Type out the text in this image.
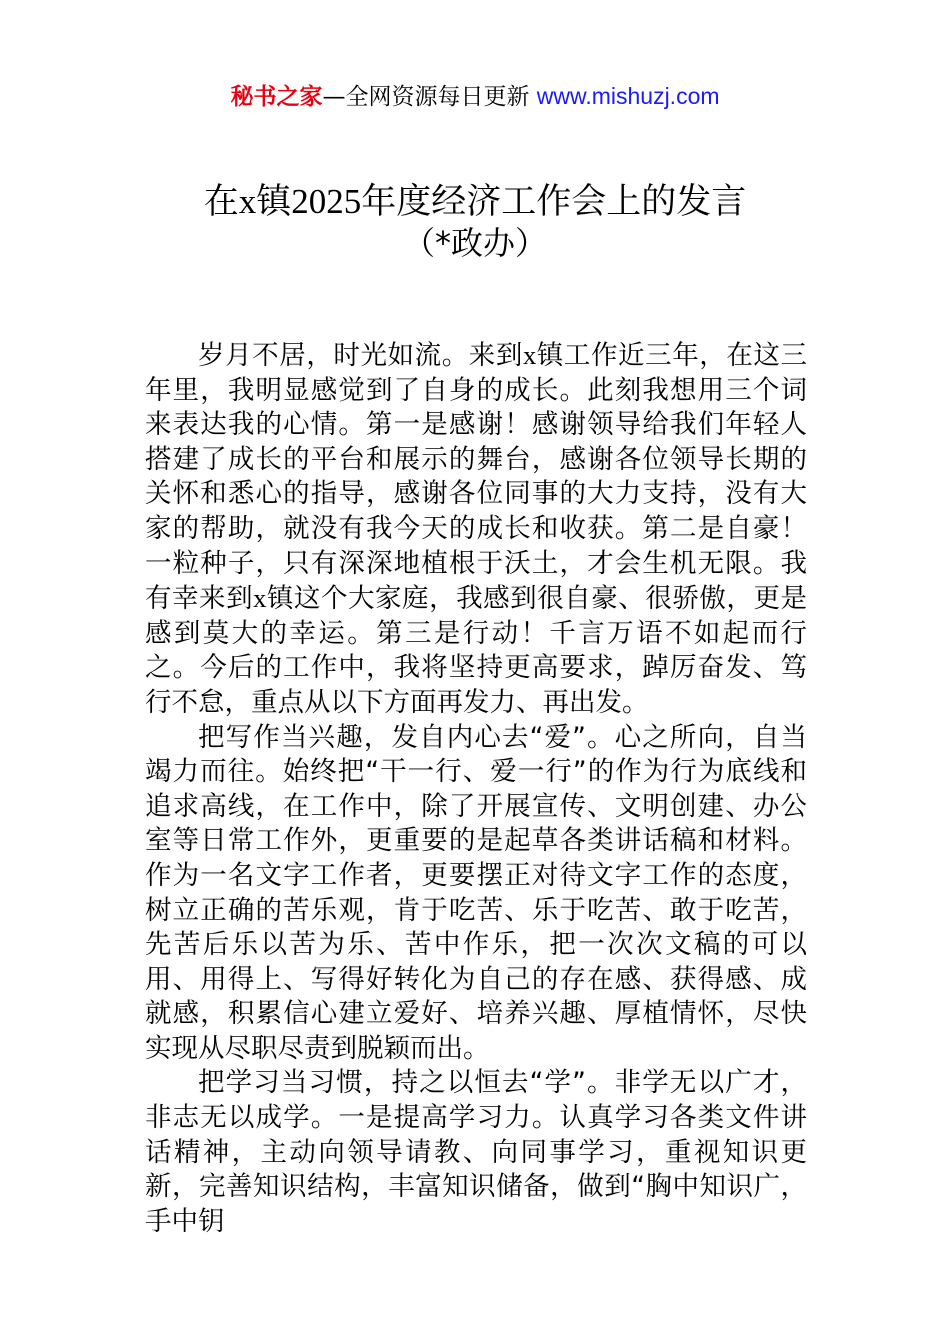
秘书之家—全网资源每日更新 www.mishuzj.com
在x镇2025年度经济工作会上的发言
（*政办）

岁月不居，时光如流。来到x镇工作近三年，在这三年里，我明显感觉到了自身的成长。此刻我想用三个词来表达我的心情。第一是感谢！感谢领导给我们年轻人搭建了成长的平台和展示的舞台，感谢各位领导长期的关怀和悉心的指导，感谢各位同事的大力支持，没有大家的帮助，就没有我今天的成长和收获。第二是自豪！一粒种子，只有深深地植根于沃土，才会生机无限。我有幸来到x镇这个大家庭，我感到很自豪、很骄傲，更是感到莫大的幸运。第三是行动！千言万语不如起而行之。今后的工作中，我将坚持更高要求，踔厉奋发、笃行不怠，重点从以下方面再发力、再出发。

把写作当兴趣，发自内心去“爱”。心之所向，自当竭力而往。始终把“干一行、爱一行”的作为行为底线和追求高线，在工作中，除了开展宣传、文明创建、办公室等日常工作外，更重要的是起草各类讲话稿和材料。作为一名文字工作者，更要摆正对待文字工作的态度，树立正确的苦乐观，肯于吃苦、乐于吃苦、敢于吃苦，先苦后乐以苦为乐、苦中作乐，把一次次文稿的可以用、用得上、写得好转化为自己的存在感、获得感、成就感，积累信心建立爱好、培养兴趣、厚植情怀，尽快实现从尽职尽责到脱颖而出。

把学习当习惯，持之以恒去“学”。非学无以广才，非志无以成学。一是提高学习力。认真学习各类文件讲话精神，主动向领导请教、向同事学习，重视知识更新，完善知识结构，丰富知识储备，做到“胸中知识广，手中钥
